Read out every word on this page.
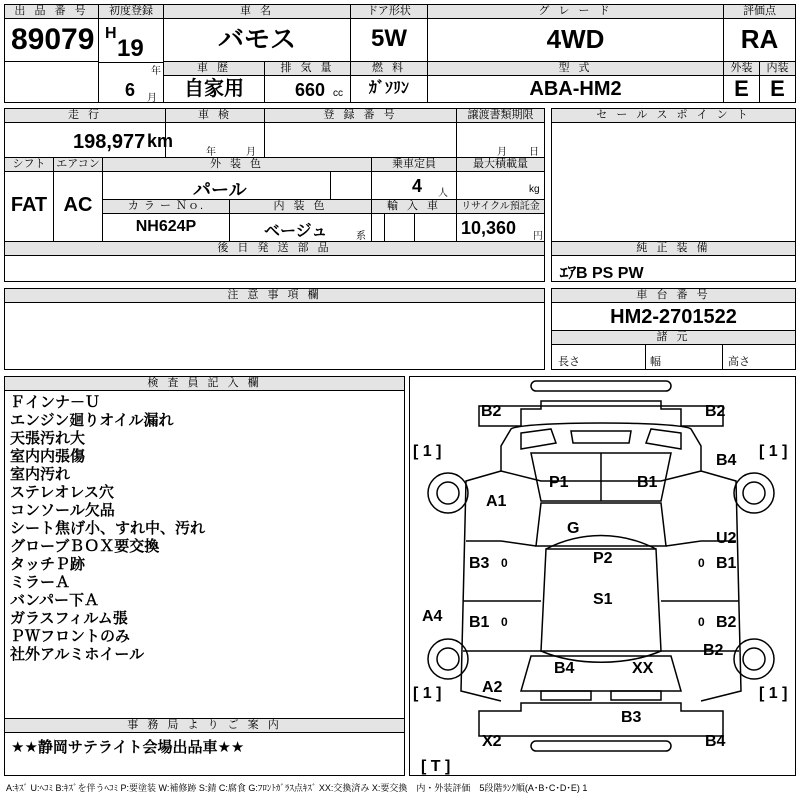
出 品 番 号
89079
初度登録
H
19
年
6 月
車 名
バモス
ドア形状
5W
グ レ ー ド
4WD
評価点
RA
車 歴
自家用
排 気 量
660 cc
燃 料
ｶﾞｿﾘﾝ
型 式
ABA-HM2
外装
E
内装
E
走 行
198,977 km
車 検
年	月
登 録 番 号	譲渡書類期限
月 日
シフト
FAT
エアコン
AC
外 装 色
パール
乗車定員
4 人
最大積載量
kg
カ ラ ー Ｎｏ.
NH624P
内 装 色
ベージュ	系
輸 入 車	リサイクル預託金
10,360 円
後 日 発 送 部 品
セ ー ル ス ポ イ ン ト
純 正 装 備
ｴｱB PS PW
注 意 事 項 欄	車 台 番 号
HM2-2701522
諸 元
長さ	幅	高さ
検 査 員 記 入 欄
Ｆインナ－Ｕ
エンジン廻りオイル漏れ
天張汚れ大
室内内張傷
室内汚れ
ステレオレス穴
コンソール欠品
シート焦げ小、すれ中、汚れ
グローブＢＯＸ要交換
タッチＰ跡
ミラーＡ
バンパー下Ａ
ガラスフィルム張
ＰＷフロントのみ
社外アルミホイール
事 務 局 よ り ご 案 内
★★静岡サテライト会場出品車★★
B2	B2
[ 1 ]	[ 1 ]
B4
P1	B1
A1
G
U2
B3	P2	B1
S1
A4 B1	B2
B2
B4	XX
[ 1 ]	[ 1 ]
A2
B3
X2	B4
[ T ]
0	0
0	0
A:ｷｽﾞ U:ﾍｺﾐ B:ｷｽﾞを伴うﾍｺﾐ P:要塗装 W:補修跡 S:錆 C:腐食 G:ﾌﾛﾝﾄｶﾞﾗｽ点ｷｽﾞ XX:交換済み X:要交換　内・外装評価　5段階ﾗﾝｸ順(A･B･C･D･E) 1
